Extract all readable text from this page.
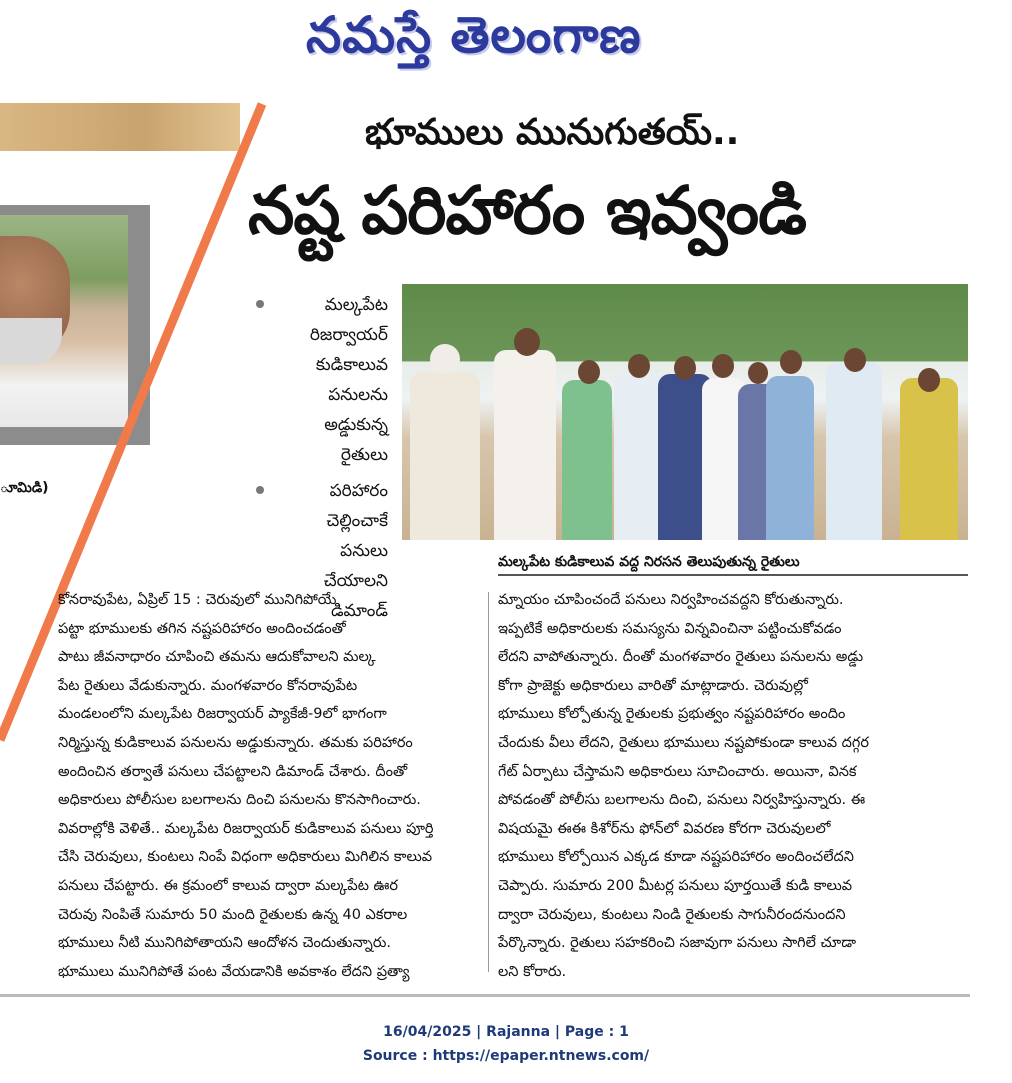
నమస్తే తెలంగాణ
ూమిడి)
భూములు మునుగుతయ్..
నష్ట పరిహారం ఇవ్వండి
మల్కపేట
రిజర్వాయర్
కుడికాలువ
పనులను
అడ్డుకున్న రైతులు
పరిహారం చెల్లించాకే
పనులు చేయాలని
డిమాండ్
మల్కపేట కుడికాలువ వద్ద నిరసన తెలుపుతున్న రైతులు

కోనరావుపేట, ఏప్రిల్ 15 : చెరువులో మునిగిపోయే

పట్టా భూములకు తగిన నష్టపరిహారం అందించడంతో

పాటు జీవనాధారం చూపించి తమను ఆదుకోవాలని మల్క

పేట రైతులు వేడుకున్నారు. మంగళవారం కోనరావుపేట

మండలంలోని మల్కపేట రిజర్వాయర్ ప్యాకేజీ-9లో భాగంగా

నిర్మిస్తున్న కుడికాలువ పనులను అడ్డుకున్నారు. తమకు పరిహారం

అందించిన తర్వాతే పనులు చేపట్టాలని డిమాండ్ చేశారు. దీంతో

అధికారులు పోలీసుల బలగాలను దించి పనులను కొనసాగించారు.

వివరాల్లోకి వెళితే.. మల్కపేట రిజర్వాయర్ కుడికాలువ పనులు పూర్తి

చేసి చెరువులు, కుంటలు నింపే విధంగా అధికారులు మిగిలిన కాలువ

పనులు చేపట్టారు. ఈ క్రమంలో కాలువ ద్వారా మల్కపేట ఊర

చెరువు నింపితే సుమారు 50 మంది రైతులకు ఉన్న 40 ఎకరాల

భూములు నీటి మునిగిపోతాయని ఆందోళన చెందుతున్నారు.

భూములు మునిగిపోతే పంట వేయడానికి అవకాశం లేదని ప్రత్యా

మ్నాయం చూపించందే పనులు నిర్వహించవద్దని కోరుతున్నారు.

ఇప్పటికే అధికారులకు సమస్యను విన్నవించినా పట్టించుకోవడం

లేదని వాపోతున్నారు. దీంతో మంగళవారం రైతులు పనులను అడ్డు

కోగా ప్రాజెక్టు అధికారులు వారితో మాట్లాడారు. చెరువుల్లో

భూములు కోల్పోతున్న రైతులకు ప్రభుత్వం నష్టపరిహారం అందిం

చేందుకు వీలు లేదని, రైతులు భూములు నష్టపోకుండా కాలువ దగ్గర

గేట్ ఏర్పాటు చేస్తామని అధికారులు సూచించారు. అయినా, వినక

పోవడంతో పోలీసు బలగాలను దించి, పనులు నిర్వహిస్తున్నారు. ఈ

విషయమై ఈఈ కిశోర్‌ను ఫోన్‌లో వివరణ కోరగా చెరువులలో

భూములు కోల్పోయిన ఎక్కడ కూడా నష్టపరిహారం అందించలేదని

చెప్పారు. సుమారు 200 మీటర్ల పనులు పూర్తయితే కుడి కాలువ

ద్వారా చెరువులు, కుంటలు నిండి రైతులకు సాగునీరందనుందని

పేర్కొన్నారు. రైతులు సహకరించి సజావుగా పనులు సాగిలే చూడా

లని కోరారు.

16/04/2025 | Rajanna | Page : 1
Source : https://epaper.ntnews.com/
